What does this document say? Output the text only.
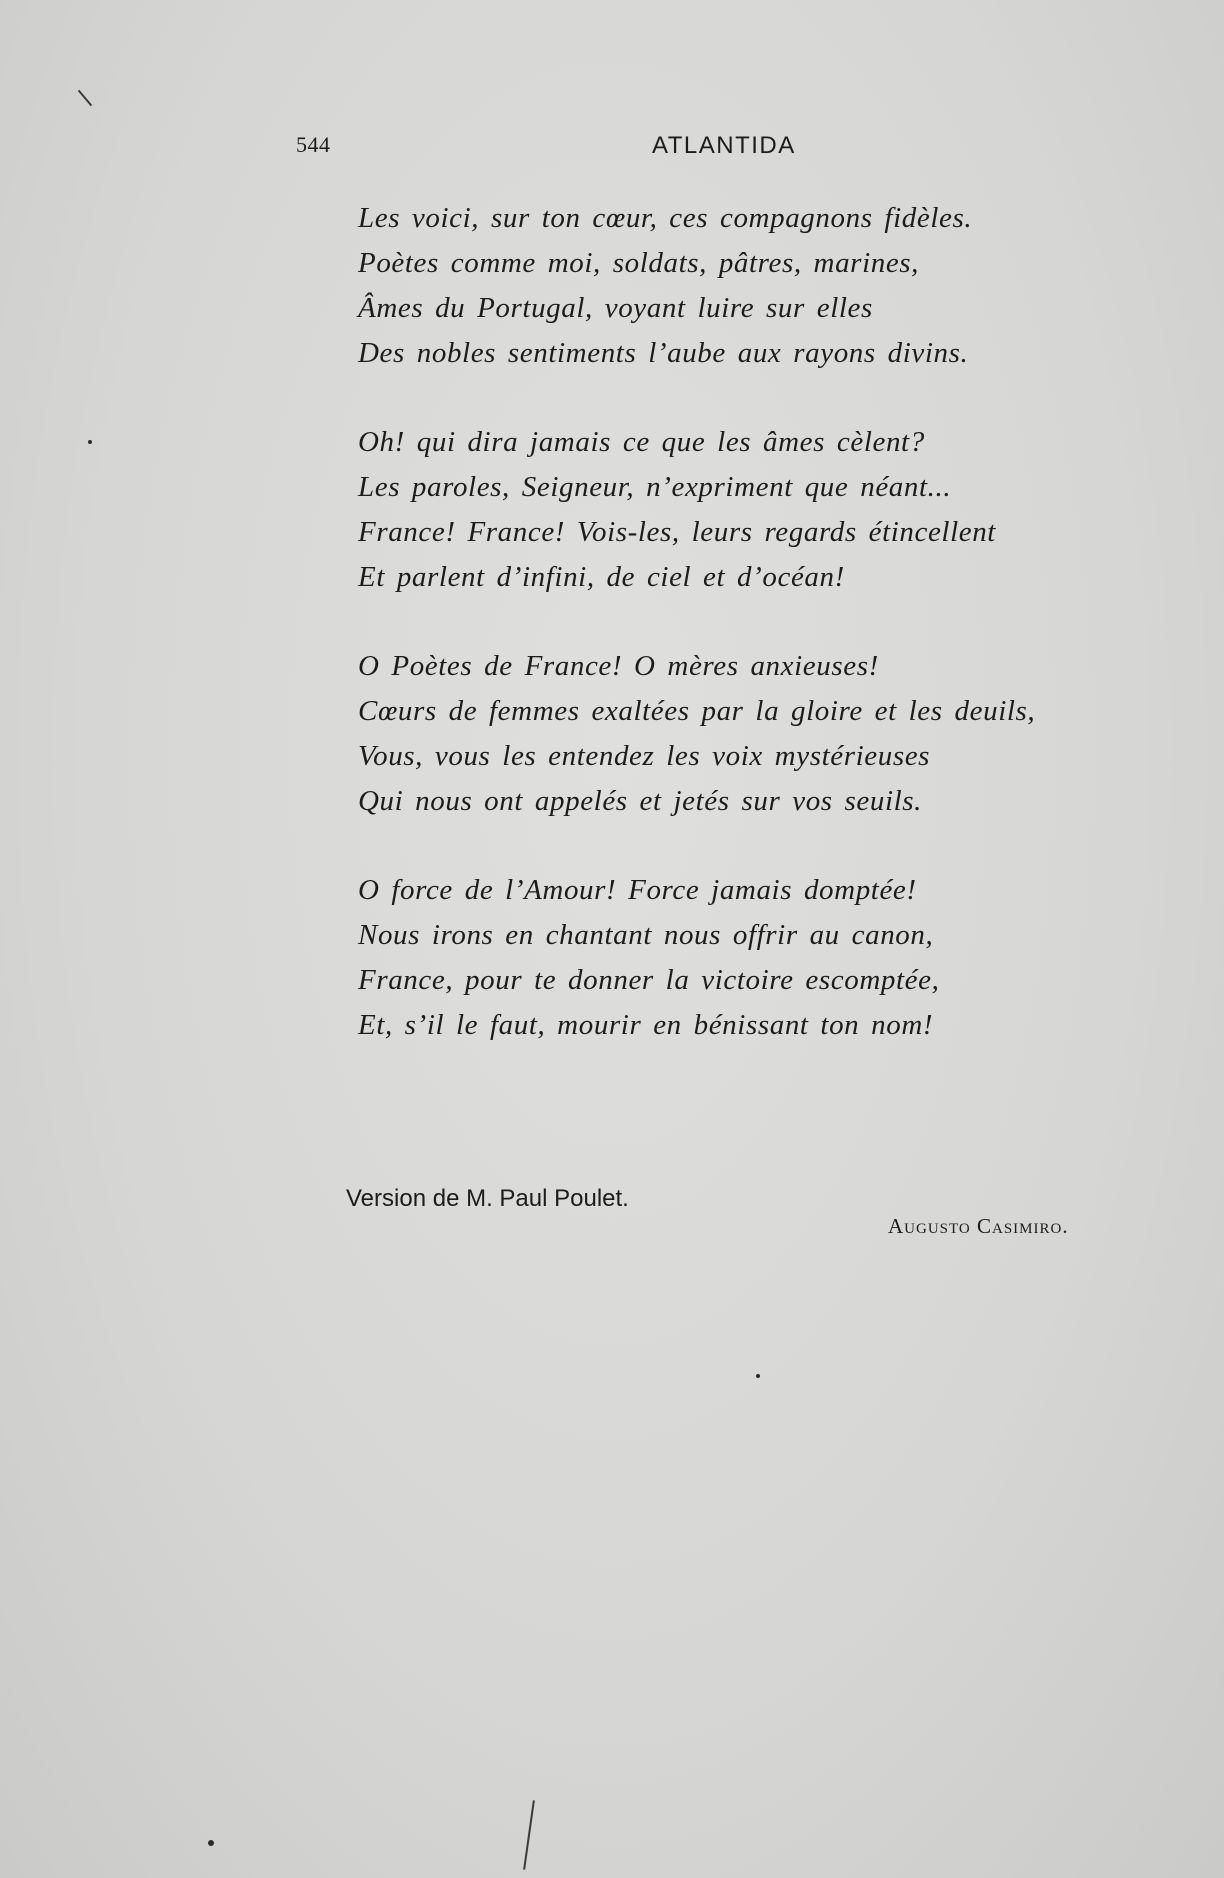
544	ATLANTIDA
Les voici, sur ton cœur, ces compagnons fidèles.
Poètes comme moi, soldats, pâtres, marines,
Âmes du Portugal, voyant luire sur elles
Des nobles sentiments l’aube aux rayons divins.
Oh! qui dira jamais ce que les âmes cèlent?
Les paroles, Seigneur, n’expriment que néant...
France! France! Vois-les, leurs regards étincellent
Et parlent d’infini, de ciel et d’océan!
O Poètes de France! O mères anxieuses!
Cœurs de femmes exaltées par la gloire et les deuils,
Vous, vous les entendez les voix mystérieuses
Qui nous ont appelés et jetés sur vos seuils.
O force de l’Amour! Force jamais domptée!
Nous irons en chantant nous offrir au canon,
France, pour te donner la victoire escomptée,
Et, s’il le faut, mourir en bénissant ton nom!
Version de M. Paul Poulet.
Augusto Casimiro.
